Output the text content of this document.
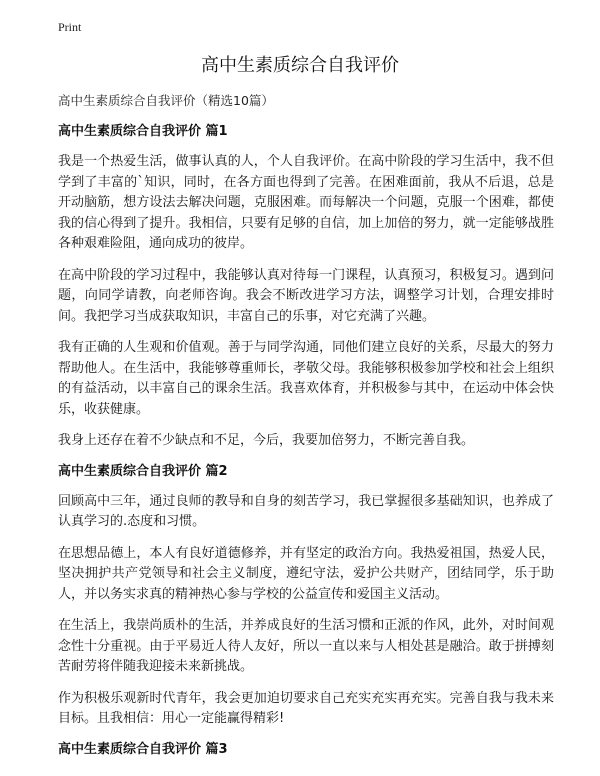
Print
高中生素质综合自我评价
高中生素质综合自我评价（精选10篇）
高中生素质综合自我评价 篇1

我是一个热爱生活，做事认真的人，个人自我评价。在高中阶段的学习生活中，我不但学到了丰富的`知识，同时，在各方面也得到了完善。在困难面前，我从不后退，总是开动脑筋，想方设法去解决问题，克服困难。而每解决一个问题，克服一个困难，都使我的信心得到了提升。我相信，只要有足够的自信，加上加倍的努力，就一定能够战胜各种艰难险阻，通向成功的彼岸。

在高中阶段的学习过程中，我能够认真对待每一门课程，认真预习，积极复习。遇到问题，向同学请教，向老师咨询。我会不断改进学习方法，调整学习计划，合理安排时间。我把学习当成获取知识，丰富自己的乐事，对它充满了兴趣。

我有正确的人生观和价值观。善于与同学沟通，同他们建立良好的关系，尽最大的努力帮助他人。在生活中，我能够尊重师长，孝敬父母。我能够积极参加学校和社会上组织的有益活动，以丰富自己的课余生活。我喜欢体育，并积极参与其中，在运动中体会快乐，收获健康。

我身上还存在着不少缺点和不足，今后，我要加倍努力，不断完善自我。

高中生素质综合自我评价 篇2

回顾高中三年，通过良师的教导和自身的刻苦学习，我已掌握很多基础知识，也养成了认真学习的.态度和习惯。

在思想品德上，本人有良好道德修养，并有坚定的政治方向。我热爱祖国，热爱人民，坚决拥护共产党领导和社会主义制度，遵纪守法，爱护公共财产，团结同学，乐于助人，并以务实求真的精神热心参与学校的公益宣传和爱国主义活动。

在生活上，我崇尚质朴的生活，并养成良好的生活习惯和正派的作风，此外，对时间观念性十分重视。由于平易近人待人友好，所以一直以来与人相处甚是融洽。敢于拼搏刻苦耐劳将伴随我迎接未来新挑战。

作为积极乐观新时代青年，我会更加迫切要求自己充实充实再充实。完善自我与我未来目标。且我相信：用心一定能赢得精彩!

高中生素质综合自我评价 篇3
